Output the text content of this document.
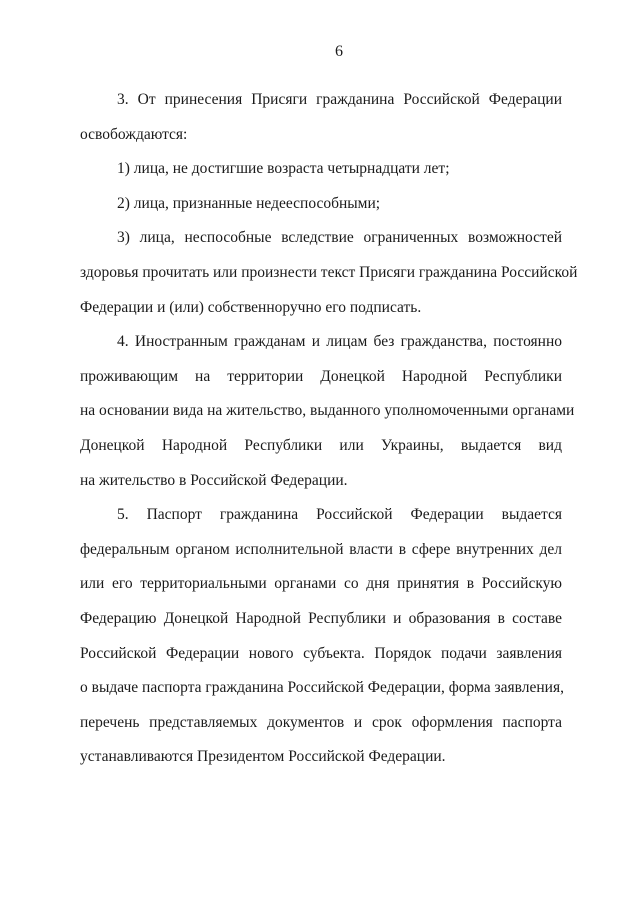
6
3. От принесения Присяги гражданина Российской Федерации
освобождаются:
1) лица, не достигшие возраста четырнадцати лет;
2) лица, признанные недееспособными;
3) лица, неспособные вследствие ограниченных возможностей
здоровья прочитать или произнести текст Присяги гражданина Российской
Федерации и (или) собственноручно его подписать.
4. Иностранным гражданам и лицам без гражданства, постоянно
проживающим на территории Донецкой Народной Республики
на основании вида на жительство, выданного уполномоченными органами
Донецкой Народной Республики или Украины, выдается вид
на жительство в Российской Федерации.
5. Паспорт гражданина Российской Федерации выдается
федеральным органом исполнительной власти в сфере внутренних дел
или его территориальными органами со дня принятия в Российскую
Федерацию Донецкой Народной Республики и образования в составе
Российской Федерации нового субъекта. Порядок подачи заявления
о выдаче паспорта гражданина Российской Федерации, форма заявления,
перечень представляемых документов и срок оформления паспорта
устанавливаются Президентом Российской Федерации.
